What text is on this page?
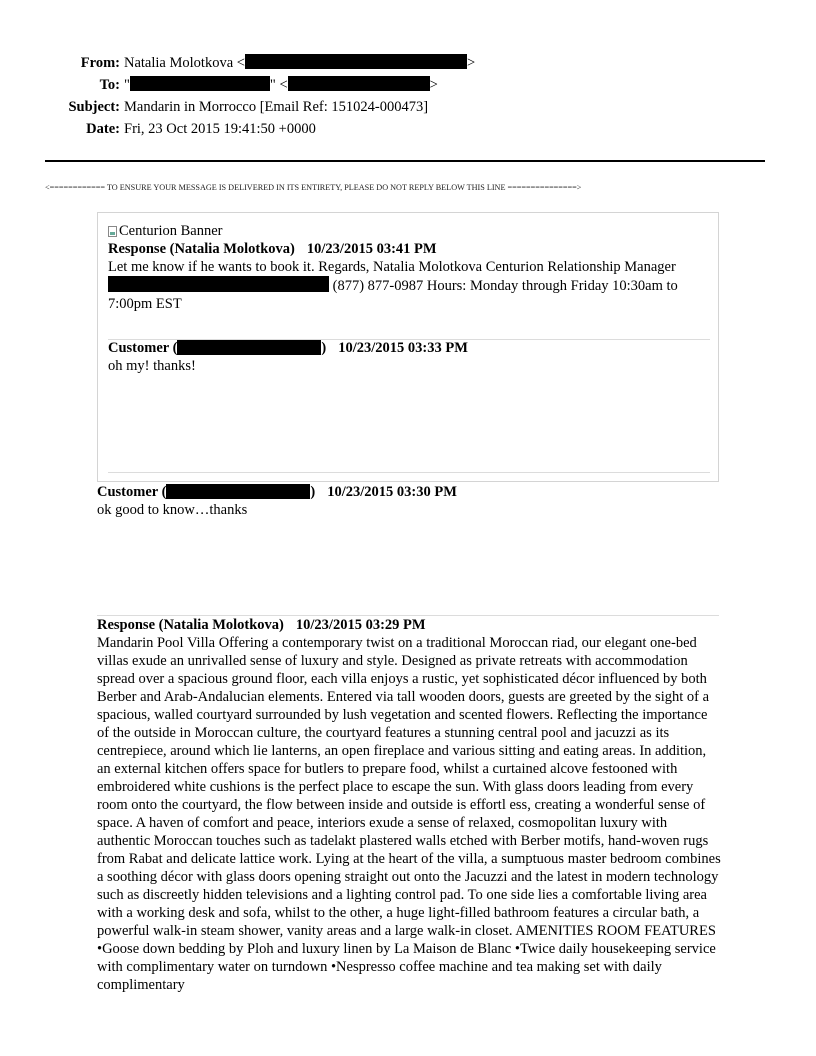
From: Natalia Molotkova <	>
To: "	" <	>
Subject: Mandarin in Morrocco [Email Ref: 151024-000473]
Date: Fri, 23 Oct 2015 19:41:50 +0000
<============ TO ENSURE YOUR MESSAGE IS DELIVERED IN ITS ENTIRETY, PLEASE DO NOT REPLY BELOW THIS LINE ===============>
Centurion Banner
Response (Natalia Molotkova) 10/23/2015 03:41 PM
Let me know if he wants to book it. Regards, Natalia Molotkova Centurion Relationship Manager  (877) 877-0987 Hours: Monday through Friday 10:30am to 7:00pm EST
Customer (	) 10/23/2015 03:33 PM
oh my! thanks!
Customer (	) 10/23/2015 03:30 PM
ok good to know…thanks
Response (Natalia Molotkova) 10/23/2015 03:29 PM
Mandarin Pool Villa Offering a contemporary twist on a traditional Moroccan riad, our elegant one-bed villas exude an unrivalled sense of luxury and style. Designed as private retreats with accommodation spread over a spacious ground floor, each villa enjoys a rustic, yet sophisticated décor influenced by both Berber and Arab-Andalucian elements. Entered via tall wooden doors, guests are greeted by the sight of a spacious, walled courtyard surrounded by lush vegetation and scented flowers. Reflecting the importance of the outside in Moroccan culture, the courtyard features a stunning central pool and jacuzzi as its centrepiece, around which lie lanterns, an open fireplace and various sitting and eating areas. In addition, an external kitchen offers space for butlers to prepare food, whilst a curtained alcove festooned with embroidered white cushions is the perfect place to escape the sun. With glass doors leading from every room onto the courtyard, the flow between inside and outside is effortl ess, creating a wonderful sense of space. A haven of comfort and peace, interiors exude a sense of relaxed, cosmopolitan luxury with authentic Moroccan touches such as tadelakt plastered walls etched with Berber motifs, hand-woven rugs from Rabat and delicate lattice work. Lying at the heart of the villa, a sumptuous master bedroom combines a soothing décor with glass doors opening straight out onto the Jacuzzi and the latest in modern technology such as discreetly hidden televisions and a lighting control pad. To one side lies a comfortable living area with a working desk and sofa, whilst to the other, a huge light-filled bathroom features a circular bath, a powerful walk-in steam shower, vanity areas and a large walk-in closet. AMENITIES ROOM FEATURES •Goose down bedding by Ploh and luxury linen by La Maison de Blanc •Twice daily housekeeping service with complimentary water on turndown •Nespresso coffee machine and tea making set with daily complimentary
